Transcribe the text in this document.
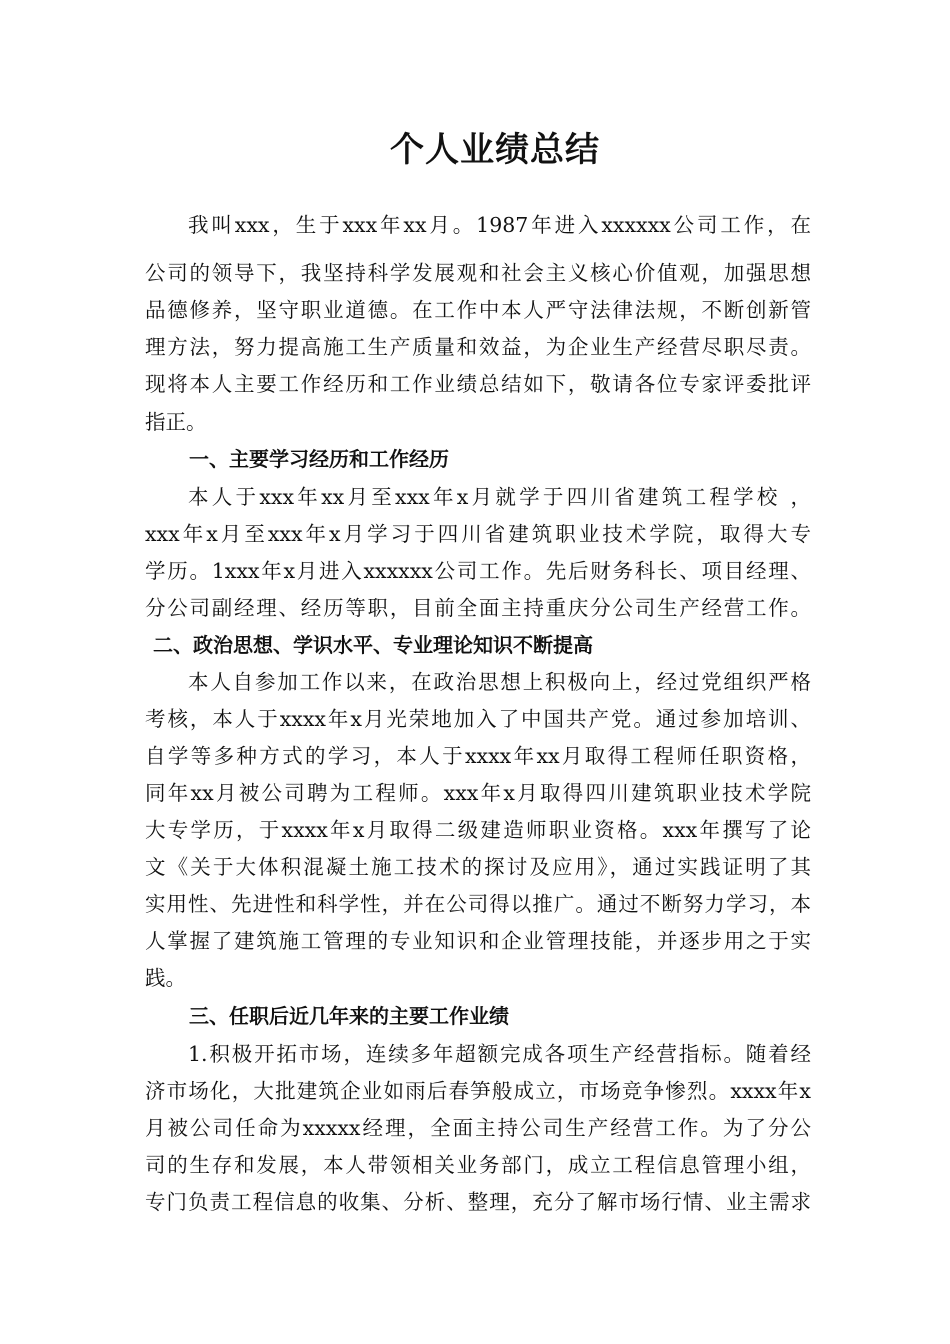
个人业绩总结
我叫xxx，生于xxx年xx月。1987年进入xxxxxx公司工作，在
公司的领导下，我坚持科学发展观和社会主义核心价值观，加强思想
品德修养，坚守职业道德。在工作中本人严守法律法规，不断创新管
理方法，努力提高施工生产质量和效益，为企业生产经营尽职尽责。
现将本人主要工作经历和工作业绩总结如下，敬请各位专家评委批评
指正。
一、主要学习经历和工作经历
本人于xxx年xx月至xxx年x月就学于四川省建筑工程学校 ，
xxx年x月至xxx年x月学习于四川省建筑职业技术学院，取得大专
学历。1xxx年x月进入xxxxxx公司工作。先后财务科长、项目经理、
分公司副经理、经历等职，目前全面主持重庆分公司生产经营工作。
二、政治思想、学识水平、专业理论知识不断提高
本人自参加工作以来，在政治思想上积极向上，经过党组织严格
考核，本人于xxxx年x月光荣地加入了中国共产党。通过参加培训、
自学等多种方式的学习，本人于xxxx年xx月取得工程师任职资格，
同年xx月被公司聘为工程师。xxx年x月取得四川建筑职业技术学院
大专学历，于xxxx年x月取得二级建造师职业资格。xxx年撰写了论
文《关于大体积混凝土施工技术的探讨及应用》，通过实践证明了其
实用性、先进性和科学性，并在公司得以推广。通过不断努力学习，本
人掌握了建筑施工管理的专业知识和企业管理技能，并逐步用之于实
践。
三、任职后近几年来的主要工作业绩
1.积极开拓市场，连续多年超额完成各项生产经营指标。随着经
济市场化，大批建筑企业如雨后春笋般成立，市场竞争惨烈。xxxx年x
月被公司任命为xxxxx经理，全面主持公司生产经营工作。为了分公
司的生存和发展，本人带领相关业务部门，成立工程信息管理小组，
专门负责工程信息的收集、分析、整理，充分了解市场行情、业主需求
